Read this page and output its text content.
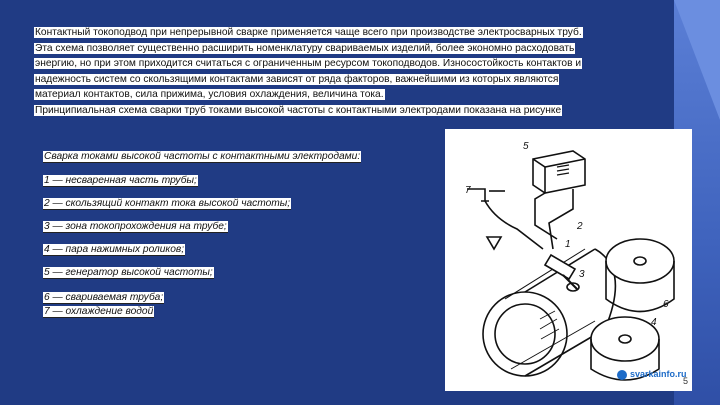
Контактный токоподвод при непрерывной сварке применяется чаще всего при производстве электросварных труб.
Эта схема позволяет существенно расширить номенклатуру свариваемых изделий, более экономно расходовать
энергию, но при этом приходится считаться с ограниченным ресурсом токоподводов. Износостойкость контактов и
надежность систем со скользящими контактами зависят от ряда факторов, важнейшими из которых являются
материал контактов, сила прижима, условия охлаждения, величина тока.
Принципиальная схема сварки труб токами высокой частоты с контактными электродами показана на рисунке
Сварка токами высокой частоты с контактными электродами:
1 — несваренная часть трубы;
2 — скользящий контакт тока высокой частоты;
3 — зона токопрохождения на трубе;
4 — пара нажимных роликов;
5 — генератор высокой частоты;
6 — свариваемая труба;
7 — охлаждение водой
5
2
1
3
4
6
7
svarkainfo.ru
5
